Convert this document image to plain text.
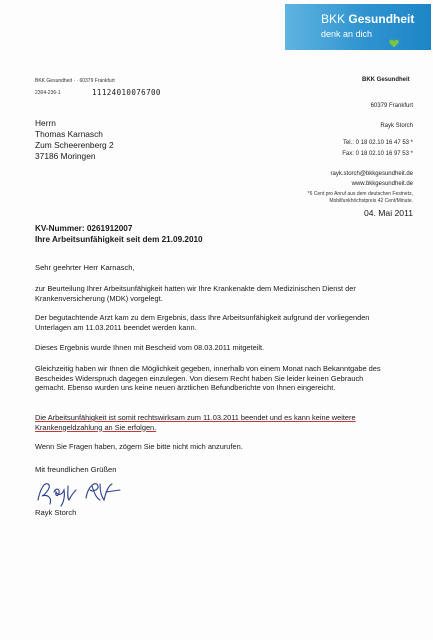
BKK Gesundheit
denk an dich
BKK Gesundheit · · 60379 Frankfurt	BKK Gesundheit
2304-236-1	11124010076700
Herrn
Thomas Karnasch
Zum Scheerenberg 2
37186 Moringen
60379 Frankfurt
Rayk Storch
Tel.: 0 18 02.10 16 47 53 *
Fax: 0 18 02.10 16 97 53 *
rayk.storch@bkkgesundheit.de
www.bkkgesundheit.de
*6 Cent pro Anruf aus dem deutschen Festnetz,
Mobilfunkhöchstpreis 42 Cent/Minute.
04. Mai 2011
KV-Nummer: 0261912007
Ihre Arbeitsunfähigkeit seit dem 21.09.2010
Sehr geehrter Herr Karnasch,
zur Beurteilung Ihrer Arbeitsunfähigkeit hatten wir Ihre Krankenakte dem Medizinischen Dienst der Krankenversicherung (MDK) vorgelegt.
Der begutachtende Arzt kam zu dem Ergebnis, dass Ihre Arbeitsunfähigkeit aufgrund der vorliegenden Unterlagen am 11.03.2011 beendet werden kann.
Dieses Ergebnis wurde Ihnen mit Bescheid vom 08.03.2011 mitgeteilt.
Gleichzeitig haben wir Ihnen die Möglichkeit gegeben, innerhalb von einem Monat nach Bekanntgabe des Bescheides Widerspruch dagegen einzulegen. Von diesem Recht haben Sie leider keinen Gebrauch gemacht. Ebenso wurden uns keine neuen ärztlichen Befundberichte von Ihnen eingereicht.
Die Arbeitsunfähigkeit ist somit rechtswirksam zum 11.03.2011 beendet und es kann keine weitere Krankengeldzahlung an Sie erfolgen.
Wenn Sie Fragen haben, zögern Sie bitte nicht mich anzurufen.
Mit freundlichen Grüßen
Rayk Storch
